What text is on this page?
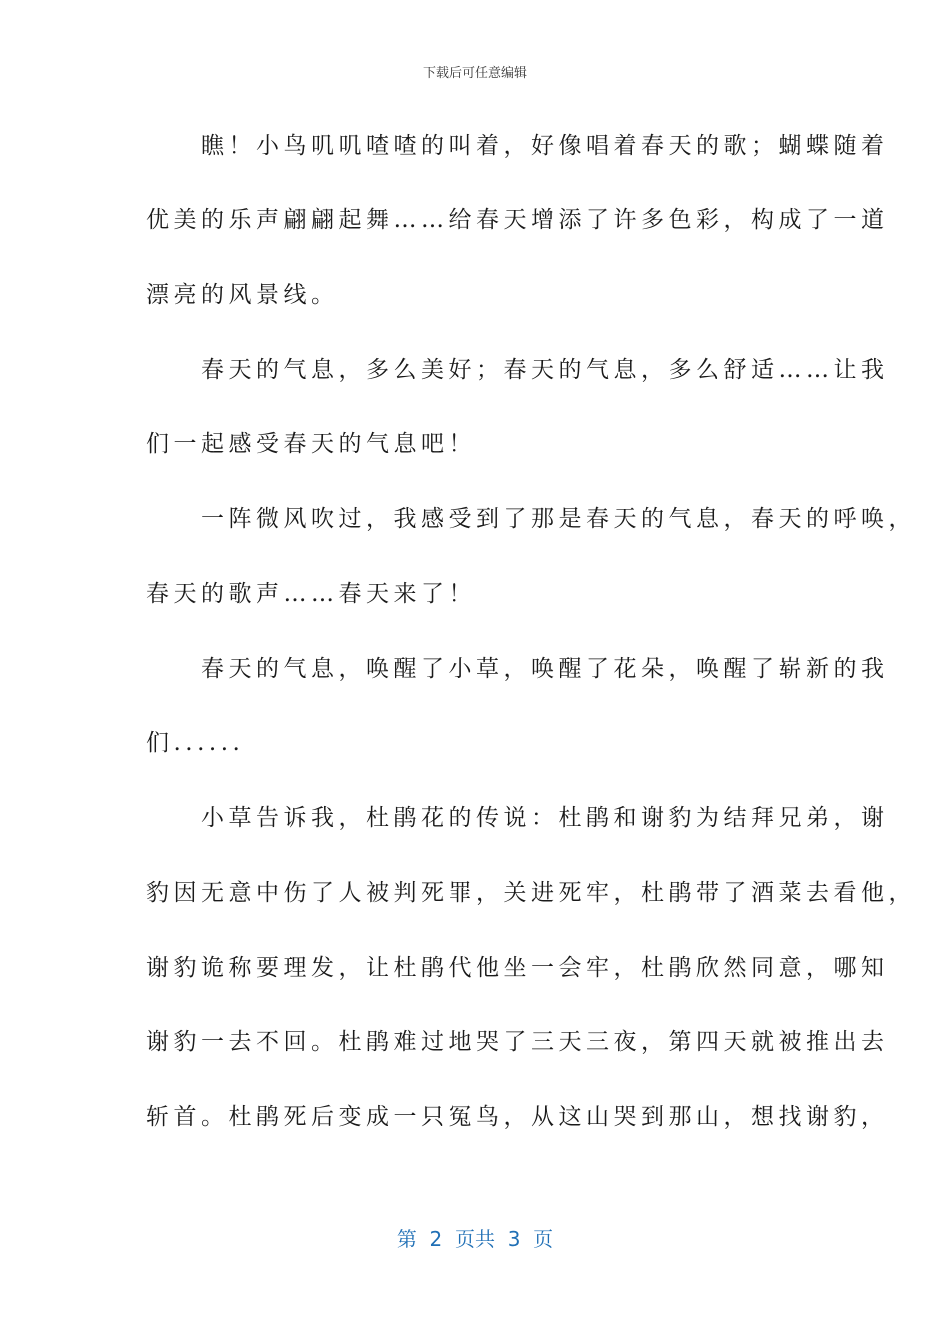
下载后可任意编辑
　　瞧！小鸟叽叽喳喳的叫着，好像唱着春天的歌；蝴蝶随着
优美的乐声翩翩起舞……给春天增添了许多色彩，构成了一道
漂亮的风景线。
　　春天的气息，多么美好；春天的气息，多么舒适……让我
们一起感受春天的气息吧！
　　一阵微风吹过，我感受到了那是春天的气息，春天的呼唤，
春天的歌声……春天来了！
　　春天的气息，唤醒了小草，唤醒了花朵，唤醒了崭新的我
们......
　　小草告诉我，杜鹃花的传说：杜鹃和谢豹为结拜兄弟，谢
豹因无意中伤了人被判死罪，关进死牢，杜鹃带了酒菜去看他，
谢豹诡称要理发，让杜鹃代他坐一会牢，杜鹃欣然同意，哪知
谢豹一去不回。杜鹃难过地哭了三天三夜，第四天就被推出去
斩首。杜鹃死后变成一只冤鸟，从这山哭到那山，想找谢豹，
第  2  页共  3  页
